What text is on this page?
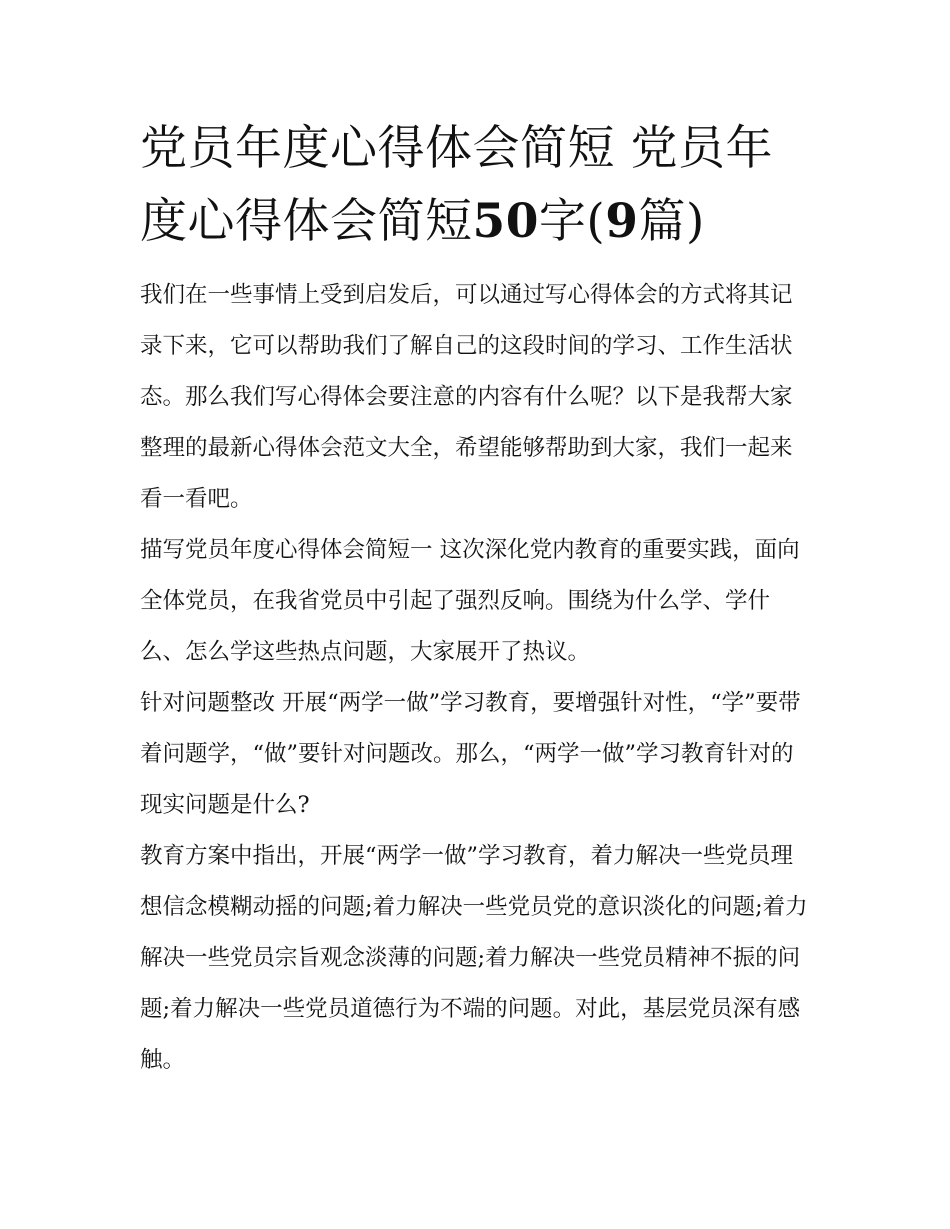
党员年度心得体会简短 党员年度心得体会简短50字(9篇)

我们在一些事情上受到启发后，可以通过写心得体会的方式将其记录下来，它可以帮助我们了解自己的这段时间的学习、工作生活状态。那么我们写心得体会要注意的内容有什么呢？以下是我帮大家整理的最新心得体会范文大全，希望能够帮助到大家，我们一起来看一看吧。

描写党员年度心得体会简短一 这次深化党内教育的重要实践，面向全体党员，在我省党员中引起了强烈反响。围绕为什么学、学什么、怎么学这些热点问题，大家展开了热议。

针对问题整改 开展“两学一做”学习教育，要增强针对性，“学”要带着问题学，“做”要针对问题改。那么，“两学一做”学习教育针对的现实问题是什么?

教育方案中指出，开展“两学一做”学习教育，着力解决一些党员理想信念模糊动摇的问题;着力解决一些党员党的意识淡化的问题;着力解决一些党员宗旨观念淡薄的问题;着力解决一些党员精神不振的问题;着力解决一些党员道德行为不端的问题。对此，基层党员深有感触。
